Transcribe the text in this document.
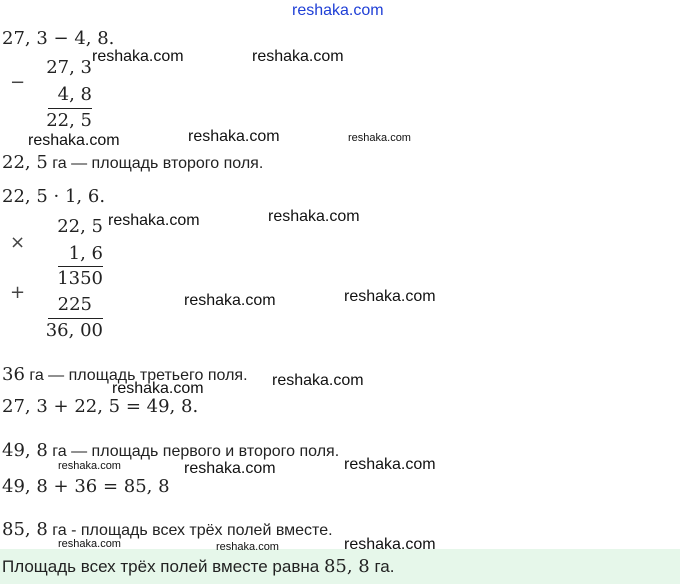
reshaka.com
27, 3 − 4, 8.
−
27, 3
4, 8
22, 5
22, 5 га — площадь второго поля.
22, 5 · 1, 6.
×
22, 5
1, 6
1350
+
225
36, 00
36 га — площадь третьего поля.
27, 3 + 22, 5 = 49, 8.
49, 8 га — площадь первого и второго поля.
49, 8 + 36 = 85, 8
85, 8 га - площадь всех трёх полей вместе.
Площадь всех трёх полей вместе равна 85, 8 га.
reshaka.com	reshaka.com
reshaka.com	reshaka.com	reshaka.com
reshaka.com	reshaka.com
reshaka.com	reshaka.com
reshaka.com	reshaka.com
reshaka.com	reshaka.com	reshaka.com
reshaka.com	reshaka.com	reshaka.com
